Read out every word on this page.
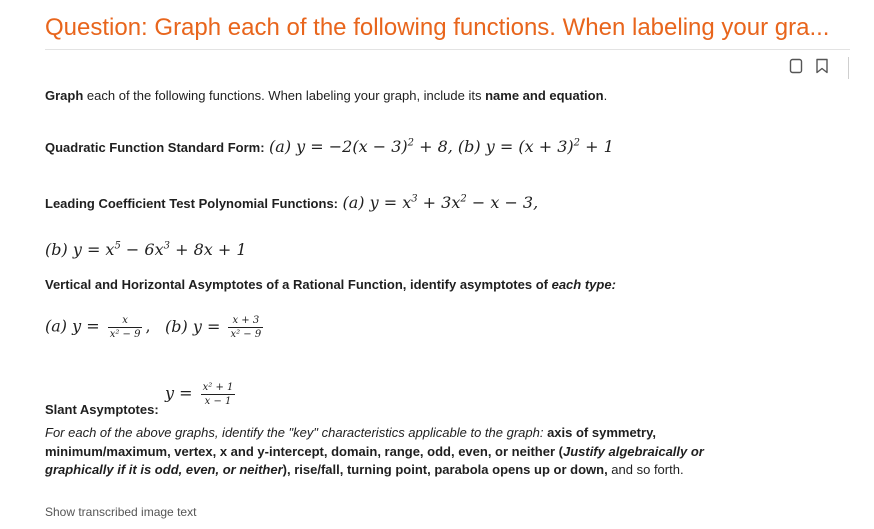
Question: Graph each of the following functions. When labeling your gra...
Graph each of the following functions. When labeling your graph, include its name and equation.
Quadratic Function Standard Form: (a) $y = -2(x - 3)^2 + 8$, (b) $y = (x + 3)^2 + 1$
Leading Coefficient Test Polynomial Functions: (a) $y = x^3 + 3x^2 - x - 3$,
(b) $y = x^5 - 6x^3 + 8x + 1$
Vertical and Horizontal Asymptotes of a Rational Function, identify asymptotes of each type:
(a) $y = \frac{x}{\text{x² − 9}}$ , (b) $y = \frac{x + 3}{\text{x² − 9}}$
$y = \frac{\text{x² + 1}}{x - 1}$
Slant Asymptotes:
For each of the above graphs, identify the "key" characteristics applicable to the graph: axis of symmetry, minimum/maximum, vertex, x and y-intercept, domain, range, odd, even, or neither (Justify algebraically or graphically if it is odd, even, or neither), rise/fall, turning point, parabola opens up or down, and so forth.
Show transcribed image text
